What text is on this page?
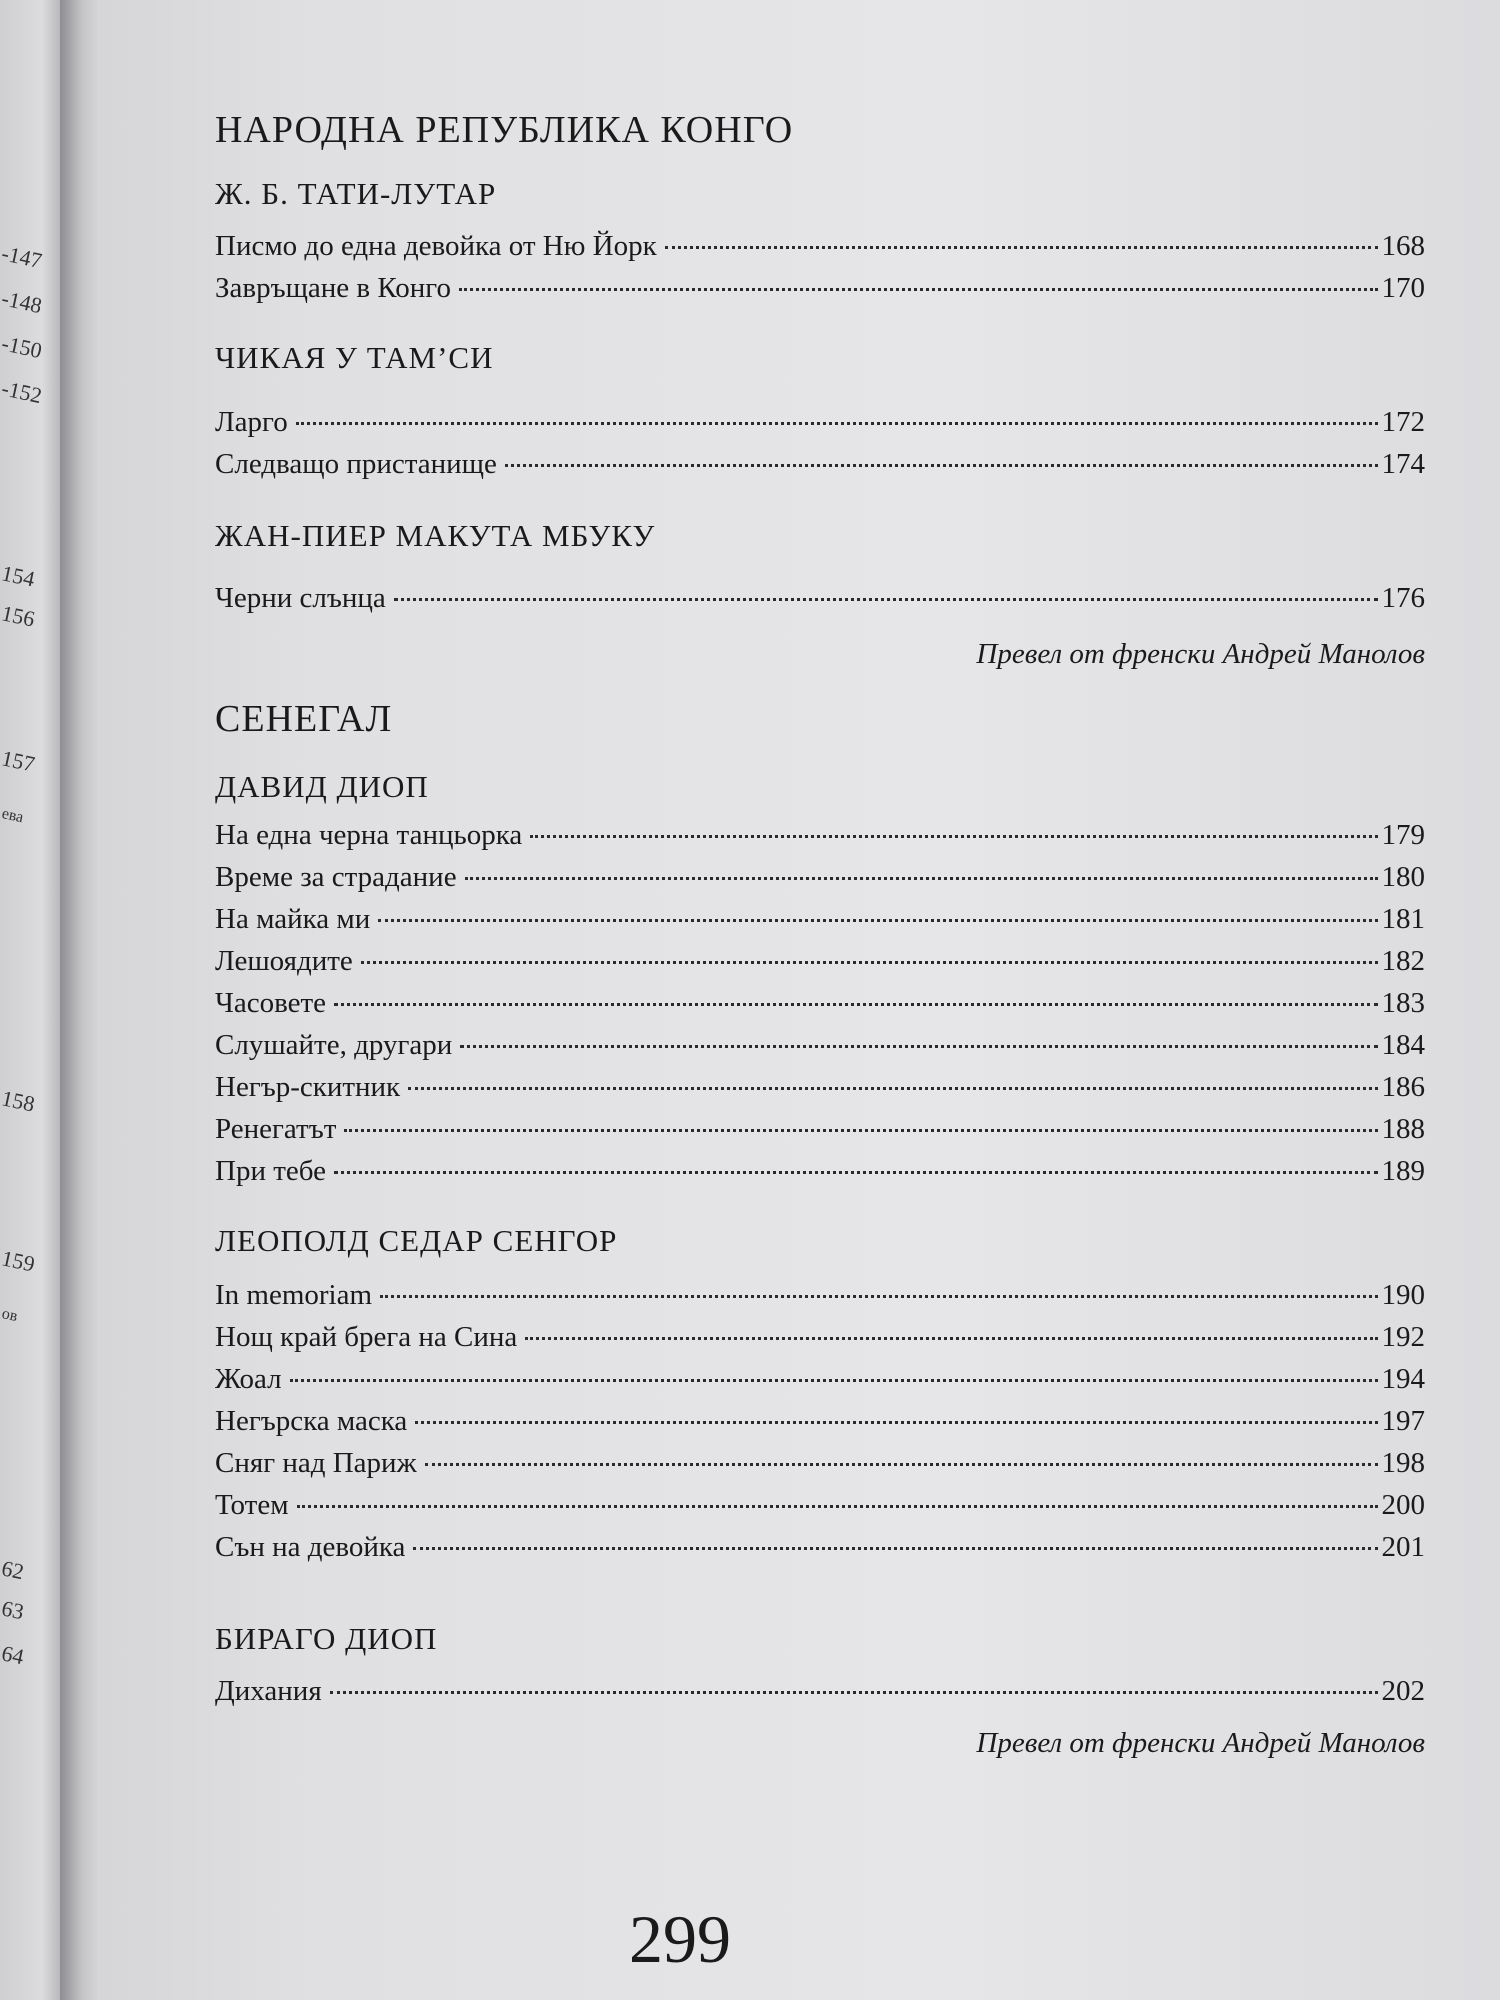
-147
-148
-150
-152
154
156
157
ева
158
159
ов
62
63
64
НАРОДНА РЕПУБЛИКА КОНГО
Ж. Б. ТАТИ-ЛУТАР
Писмо до една девойка от Ню Йорк	168
Завръщане в Конго	170
ЧИКАЯ У ТАМ’СИ
Ларго	172
Следващо пристанище	174
ЖАН-ПИЕР МАКУТА МБУКУ
Черни слънца	176

Превел от френски Андрей Манолов

СЕНЕГАЛ
ДАВИД ДИОП
На една черна танцьорка	179
Време за страдание	180
На майка ми	181
Лешоядите	182
Часовете	183
Слушайте, другари	184
Негър-скитник	186
Ренегатът	188
При тебе	189
ЛЕОПОЛД СЕДАР СЕНГОР
In memoriam	190
Нощ край брега на Сина	192
Жоал	194
Негърска маска	197
Сняг над Париж	198
Тотем	200
Сън на девойка	201
БИРАГО ДИОП
Дихания	202

Превел от френски Андрей Манолов

299
